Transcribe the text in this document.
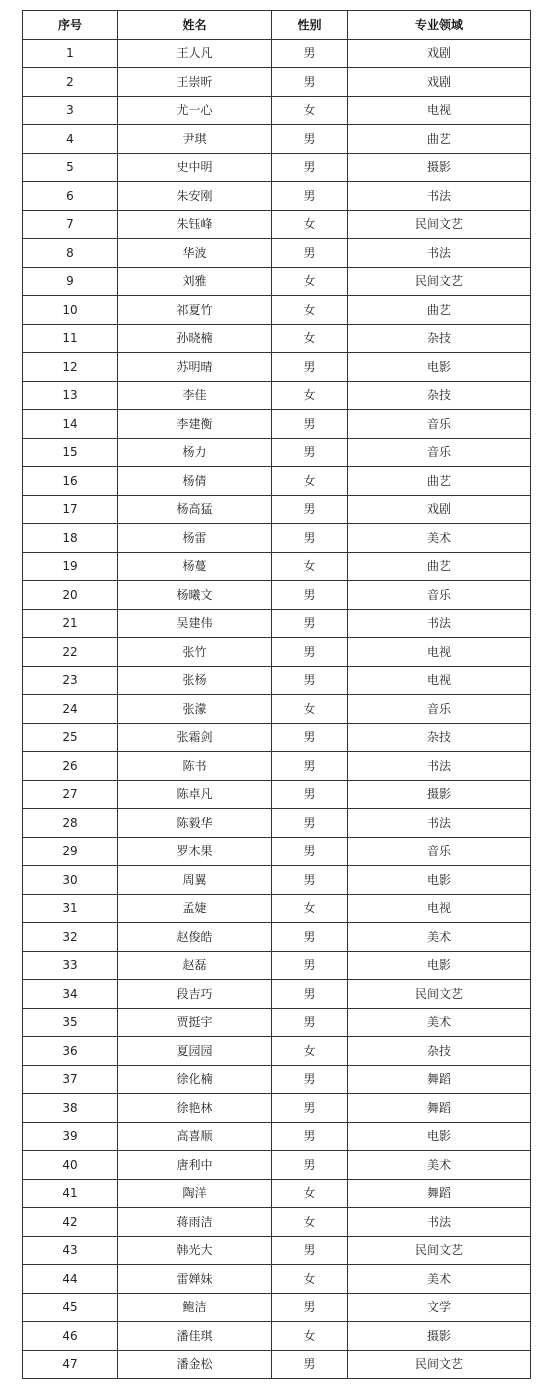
序号	姓名	性别	专业领域
1	王人凡	男	戏剧
2	王崇昕	男	戏剧
3	尤一心	女	电视
4	尹琪	男	曲艺
5	史中明	男	摄影
6	朱安刚	男	书法
7	朱钰峰	女	民间文艺
8	华波	男	书法
9	刘雅	女	民间文艺
10	祁夏竹	女	曲艺
11	孙晓楠	女	杂技
12	苏明晴	男	电影
13	李佳	女	杂技
14	李建衡	男	音乐
15	杨力	男	音乐
16	杨倩	女	曲艺
17	杨高猛	男	戏剧
18	杨雷	男	美术
19	杨蔓	女	曲艺
20	杨曦文	男	音乐
21	吴建伟	男	书法
22	张竹	男	电视
23	张杨	男	电视
24	张濛	女	音乐
25	张霜剑	男	杂技
26	陈书	男	书法
27	陈卓凡	男	摄影
28	陈毅华	男	书法
29	罗木果	男	音乐
30	周翼	男	电影
31	孟婕	女	电视
32	赵俊皓	男	美术
33	赵磊	男	电影
34	段吉巧	男	民间文艺
35	贾挺宇	男	美术
36	夏园园	女	杂技
37	徐化楠	男	舞蹈
38	徐艳林	男	舞蹈
39	高喜顺	男	电影
40	唐利中	男	美术
41	陶洋	女	舞蹈
42	蒋雨洁	女	书法
43	韩光大	男	民间文艺
44	雷婵妹	女	美术
45	鲍洁	男	文学
46	潘佳琪	女	摄影
47	潘金松	男	民间文艺
